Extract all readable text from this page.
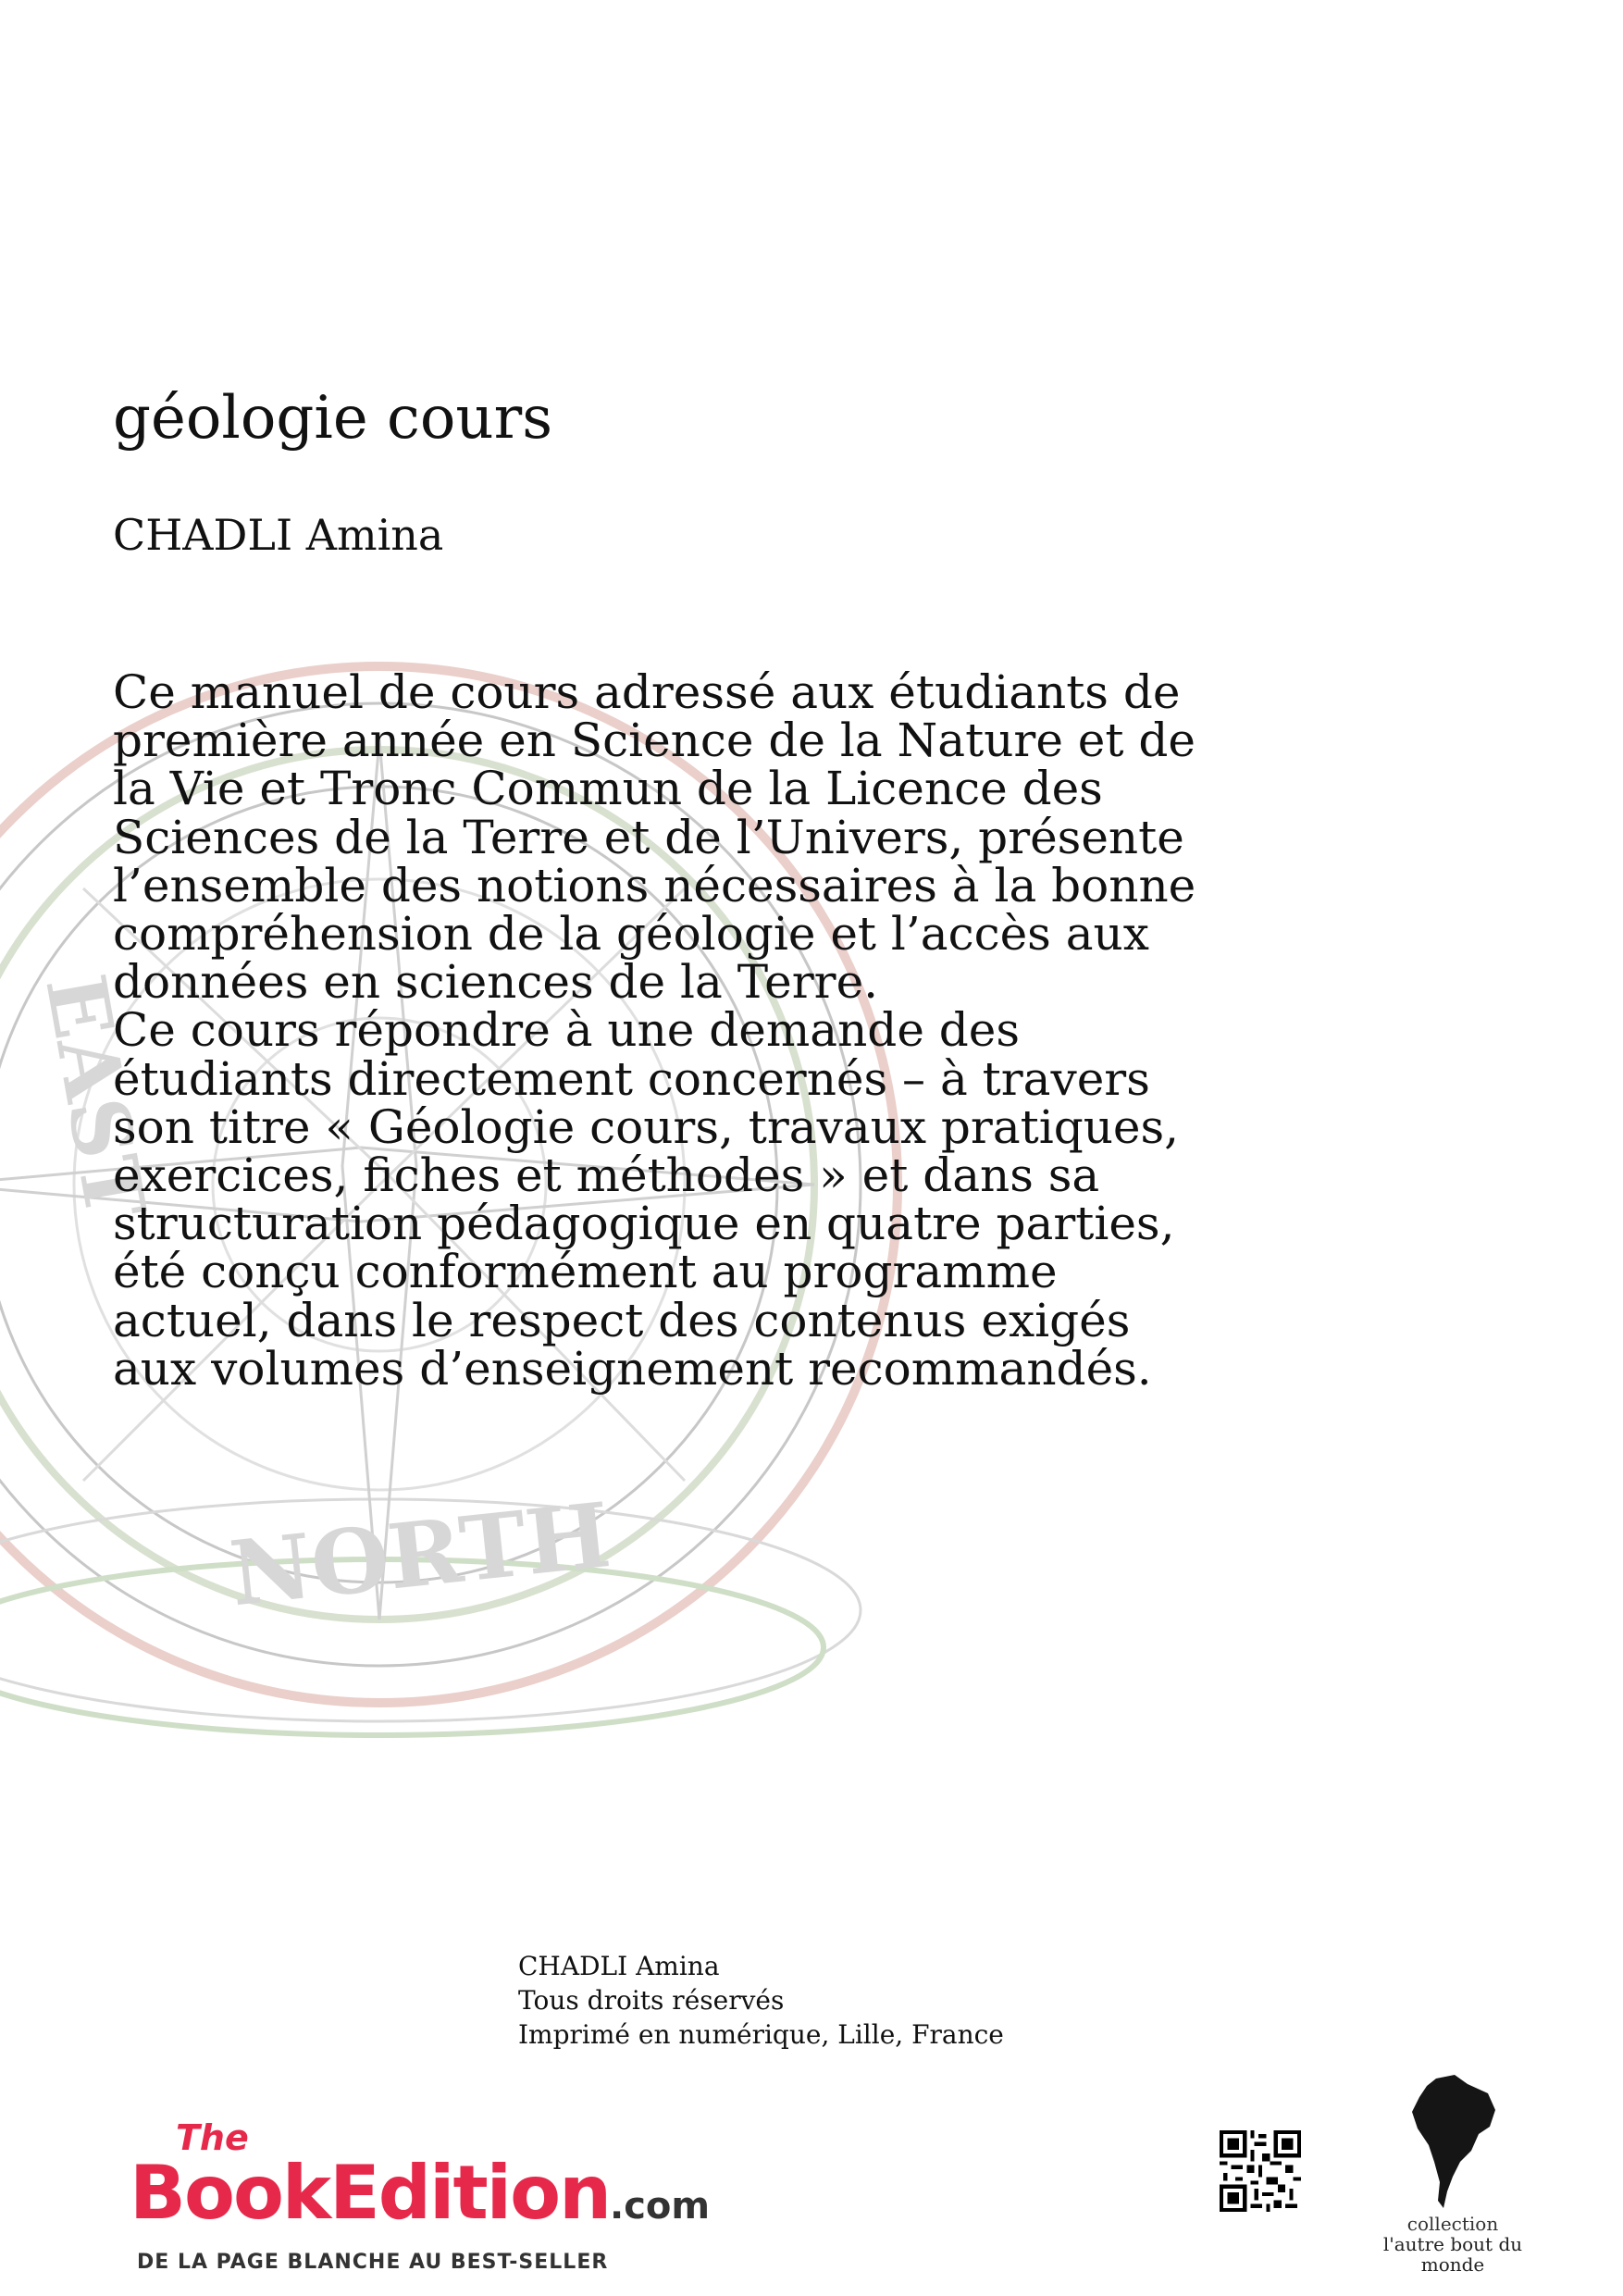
NORTH
EAST
géologie cours
CHADLI Amina

Ce manuel de cours adressé aux étudiants de première année en Science de la Nature et de la Vie et Tronc Commun de la Licence des Sciences de la Terre et de l’Univers, présente l’ensemble des notions nécessaires à la bonne compréhension de la géologie et l’accès aux données en sciences de la Terre.

Ce cours répondre à une demande des étudiants directement concernés – à travers son titre « Géologie cours, travaux pratiques, exercices, fiches et méthodes » et dans sa structuration pédagogique en quatre parties, été conçu conformément au programme actuel, dans le respect des contenus exigés aux volumes d’enseignement recommandés.

CHADLI Amina
Tous droits réservés
Imprimé en numérique, Lille, France
The
BookEdition.com
DE LA PAGE BLANCHE AU BEST-SELLER
collection
l'autre bout du monde
